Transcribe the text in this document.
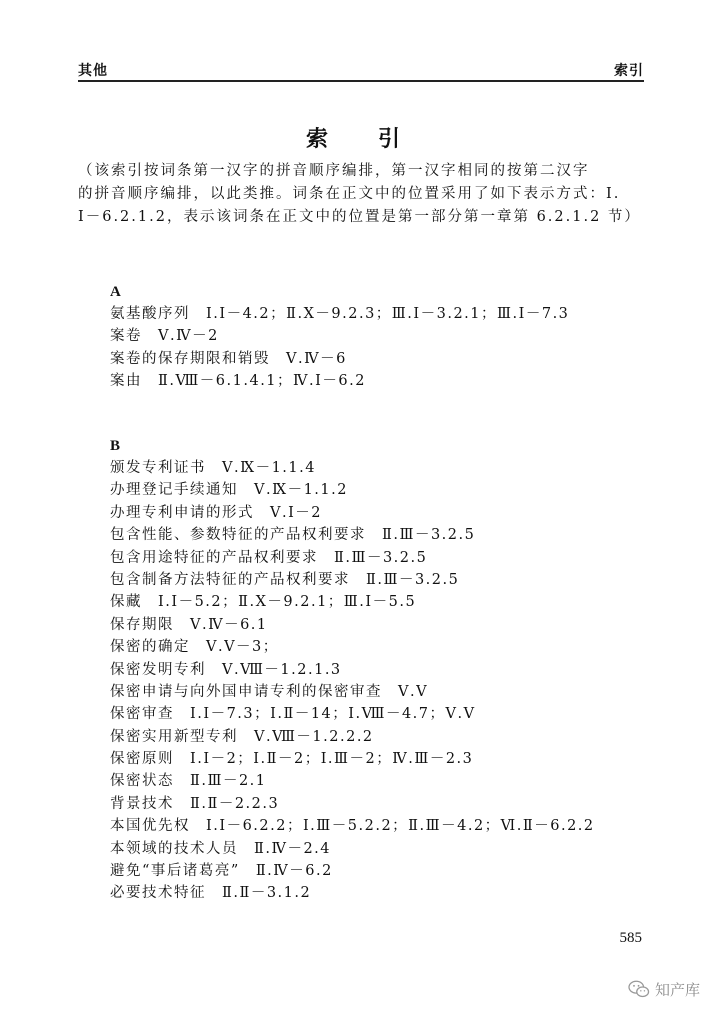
其他	索引
索　引
（该索引按词条第一汉字的拼音顺序编排，第一汉字相同的按第二汉字
的拼音顺序编排，以此类推。词条在正文中的位置采用了如下表示方式：Ⅰ.
Ⅰ－6.2.1.2，表示该词条在正文中的位置是第一部分第一章第 6.2.1.2 节）
A
氨基酸序列　Ⅰ.Ⅰ－4.2；Ⅱ.Ⅹ－9.2.3；Ⅲ.Ⅰ－3.2.1；Ⅲ.Ⅰ－7.3
案卷　Ⅴ.Ⅳ－2
案卷的保存期限和销毁　Ⅴ.Ⅳ－6
案由　Ⅱ.Ⅷ－6.1.4.1；Ⅳ.Ⅰ－6.2
B
颁发专利证书　Ⅴ.Ⅸ－1.1.4
办理登记手续通知　Ⅴ.Ⅸ－1.1.2
办理专利申请的形式　Ⅴ.Ⅰ－2
包含性能、参数特征的产品权利要求　Ⅱ.Ⅲ－3.2.5
包含用途特征的产品权利要求　Ⅱ.Ⅲ－3.2.5
包含制备方法特征的产品权利要求　Ⅱ.Ⅲ－3.2.5
保藏　Ⅰ.Ⅰ－5.2；Ⅱ.Ⅹ－9.2.1；Ⅲ.Ⅰ－5.5
保存期限　Ⅴ.Ⅳ－6.1
保密的确定　Ⅴ.Ⅴ－3；
保密发明专利　Ⅴ.Ⅷ－1.2.1.3
保密申请与向外国申请专利的保密审查　Ⅴ.Ⅴ
保密审查　Ⅰ.Ⅰ－7.3；Ⅰ.Ⅱ－14；Ⅰ.Ⅷ－4.7；Ⅴ.Ⅴ
保密实用新型专利　Ⅴ.Ⅷ－1.2.2.2
保密原则　Ⅰ.Ⅰ－2；Ⅰ.Ⅱ－2；Ⅰ.Ⅲ－2；Ⅳ.Ⅲ－2.3
保密状态　Ⅱ.Ⅲ－2.1
背景技术　Ⅱ.Ⅱ－2.2.3
本国优先权　Ⅰ.Ⅰ－6.2.2；Ⅰ.Ⅲ－5.2.2；Ⅱ.Ⅲ－4.2；Ⅵ.Ⅱ－6.2.2
本领域的技术人员　Ⅱ.Ⅳ－2.4
避免“事后诸葛亮”　Ⅱ.Ⅳ－6.2
必要技术特征　Ⅱ.Ⅱ－3.1.2
585
知产库
